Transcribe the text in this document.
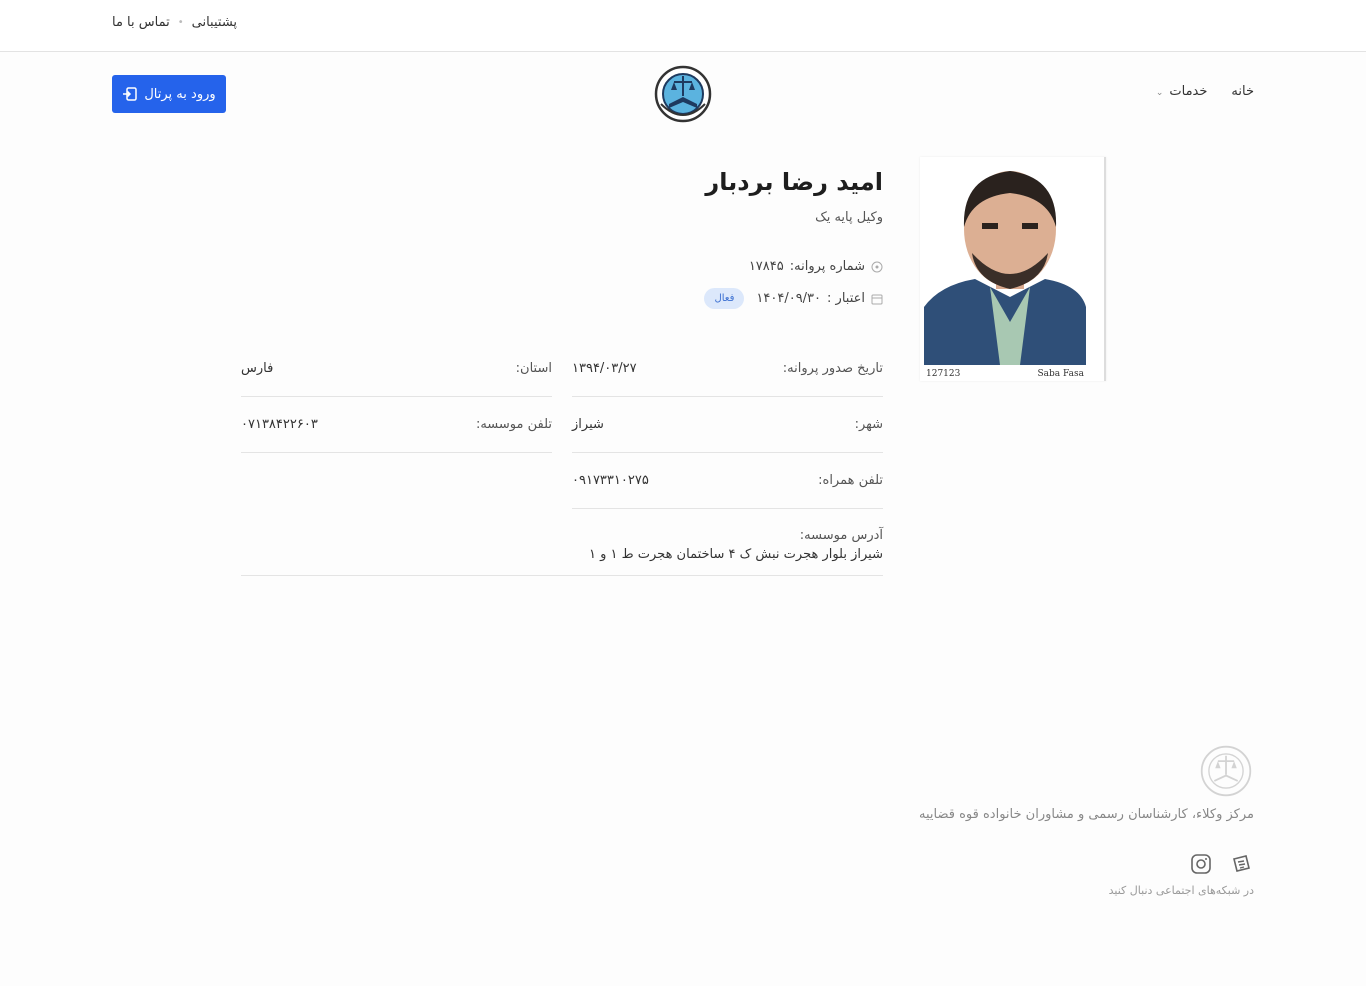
پشتیبانی
•
تماس با ما
ورود به پرتال	خانه
خدمات⌄
127123	Saba Fasa
امید رضا بردبار
وکیل پایه یک
شماره پروانه:
۱۷۸۴۵
اعتبار :
۱۴۰۴/۰۹/۳۰
فعال
تاریخ صدور پروانه:
۱۳۹۴/۰۳/۲۷
استان:
فارس
شهر:
شیراز
تلفن موسسه:
۰۷۱۳۸۴۲۲۶۰۳
تلفن همراه:
۰۹۱۷۳۳۱۰۲۷۵
آدرس موسسه:
شیراز بلوار هجرت نبش ک ۴ ساختمان هجرت ط ۱ و ۱
مرکز وکلاء، کارشناسان رسمی و مشاوران خانواده قوه قضاییه
در شبکه‌های اجتماعی دنبال کنید
